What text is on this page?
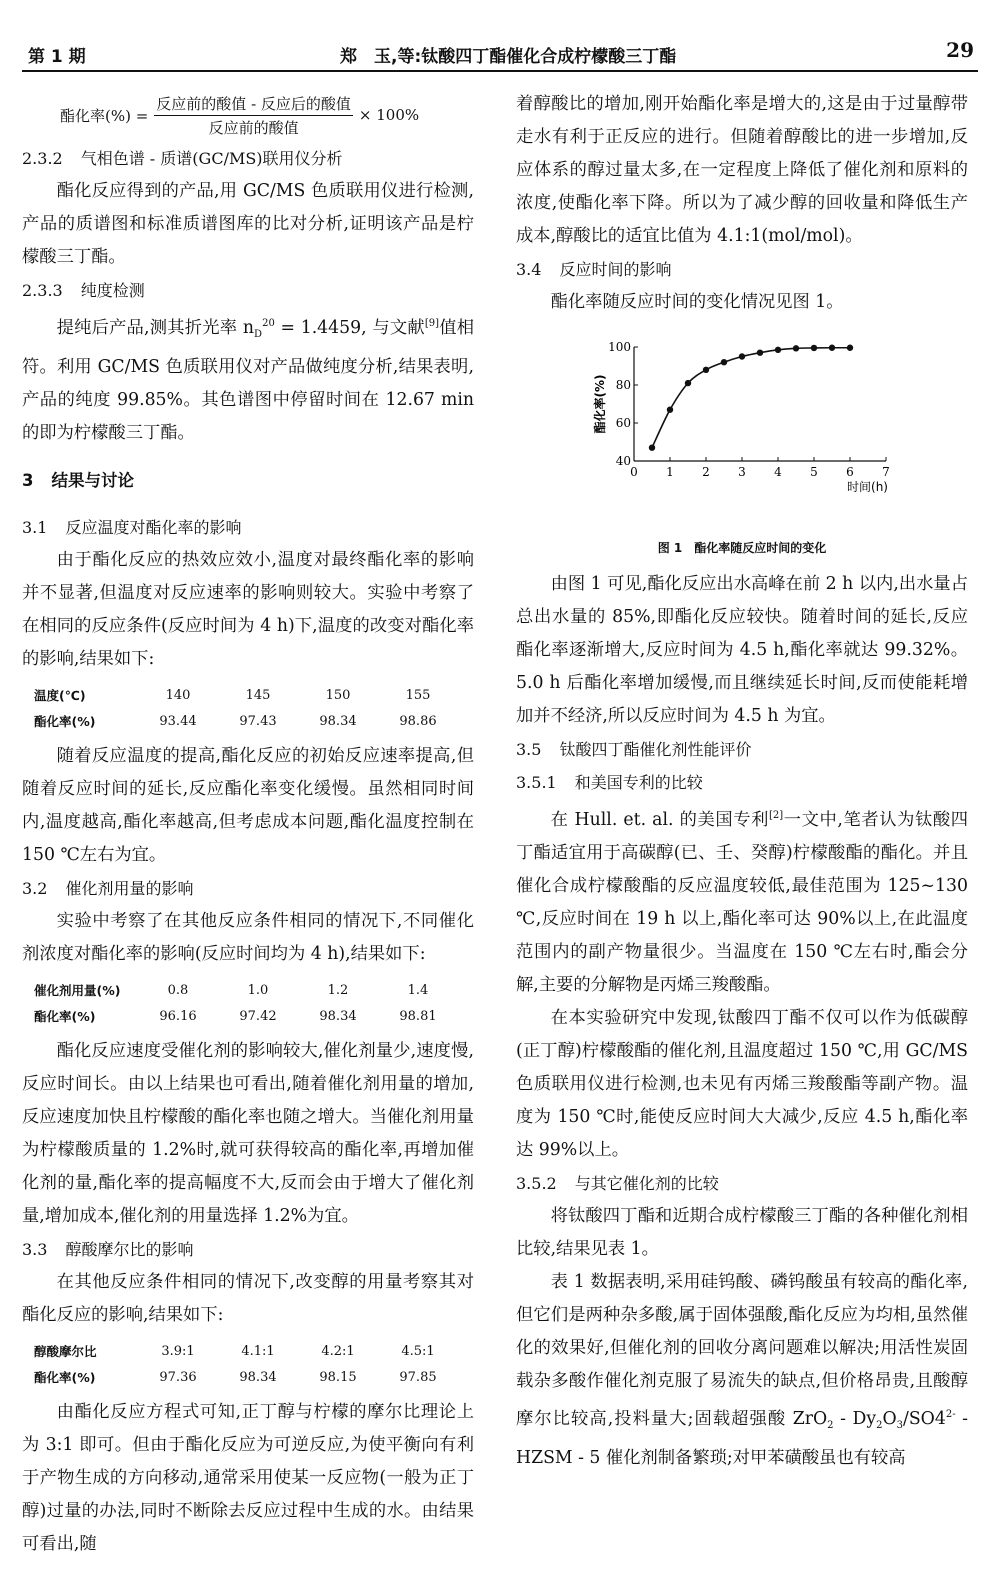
第 1 期	郑　玉,等:钛酸四丁酯催化合成柠檬酸三丁酯	29
酯化率(%) = $\frac{\text{反应前的酸值 - 反应后的酸值}}{\text{反应前的酸值}} \times 100\%$

2.3.2 气相色谱 - 质谱(GC/MS)联用仪分析

酯化反应得到的产品,用 GC/MS 色质联用仪进行检测,产品的质谱图和标准质谱图库的比对分析,证明该产品是柠檬酸三丁酯。

2.3.3 纯度检测

提纯后产品,测其折光率 $n_D^{20} = 1.4459$, 与文献[9]值相符。利用 GC/MS 色质联用仪对产品做纯度分析,结果表明,产品的纯度 99.85%。其色谱图中停留时间在 12.67 min 的即为柠檬酸三丁酯。

3 结果与讨论

3.1 反应温度对酯化率的影响

由于酯化反应的热效应效小,温度对最终酯化率的影响并不显著,但温度对反应速率的影响则较大。实验中考察了在相同的反应条件(反应时间为 4 h)下,温度的改变对酯化率的影响,结果如下:

温度(℃)	140	145	150	155
酯化率(%)	93.44	97.43	98.34	98.86

随着反应温度的提高,酯化反应的初始反应速率提高,但随着反应时间的延长,反应酯化率变化缓慢。虽然相同时间内,温度越高,酯化率越高,但考虑成本问题,酯化温度控制在 150 ℃左右为宜。

3.2 催化剂用量的影响

实验中考察了在其他反应条件相同的情况下,不同催化剂浓度对酯化率的影响(反应时间均为 4 h),结果如下:

催化剂用量(%)	0.8	1.0	1.2	1.4
酯化率(%)	96.16	97.42	98.34	98.81

酯化反应速度受催化剂的影响较大,催化剂量少,速度慢,反应时间长。由以上结果也可看出,随着催化剂用量的增加,反应速度加快且柠檬酸的酯化率也随之增大。当催化剂用量为柠檬酸质量的 1.2%时,就可获得较高的酯化率,再增加催化剂的量,酯化率的提高幅度不大,反而会由于增大了催化剂量,增加成本,催化剂的用量选择 1.2%为宜。

3.3 醇酸摩尔比的影响

在其他反应条件相同的情况下,改变醇的用量考察其对酯化反应的影响,结果如下:

醇酸摩尔比	3.9:1	4.1:1	4.2:1	4.5:1
酯化率(%)	97.36	98.34	98.15	97.85

由酯化反应方程式可知,正丁醇与柠檬的摩尔比理论上为 3:1 即可。但由于酯化反应为可逆反应,为使平衡向有利于产物生成的方向移动,通常采用使某一反应物(一般为正丁醇)过量的办法,同时不断除去反应过程中生成的水。由结果可看出,随

着醇酸比的增加,刚开始酯化率是增大的,这是由于过量醇带走水有利于正反应的进行。但随着醇酸比的进一步增加,反应体系的醇过量太多,在一定程度上降低了催化剂和原料的浓度,使酯化率下降。所以为了减少醇的回收量和降低生产成本,醇酸比的适宜比值为 4.1:1(mol/mol)。

3.4 反应时间的影响

酯化率随反应时间的变化情况见图 1。

0 1 2 3 4 5 6 7
40
60
80
100
时间(h)
酯化率(%)
图 1　酯化率随反应时间的变化

由图 1 可见,酯化反应出水高峰在前 2 h 以内,出水量占总出水量的 85%,即酯化反应较快。随着时间的延长,反应酯化率逐渐增大,反应时间为 4.5 h,酯化率就达 99.32%。5.0 h 后酯化率增加缓慢,而且继续延长时间,反而使能耗增加并不经济,所以反应时间为 4.5 h 为宜。

3.5 钛酸四丁酯催化剂性能评价

3.5.1 和美国专利的比较

在 Hull. et. al. 的美国专利[2]一文中,笔者认为钛酸四丁酯适宜用于高碳醇(已、壬、癸醇)柠檬酸酯的酯化。并且催化合成柠檬酸酯的反应温度较低,最佳范围为 125~130 ℃,反应时间在 19 h 以上,酯化率可达 90%以上,在此温度范围内的副产物量很少。当温度在 150 ℃左右时,酯会分解,主要的分解物是丙烯三羧酸酯。

在本实验研究中发现,钛酸四丁酯不仅可以作为低碳醇(正丁醇)柠檬酸酯的催化剂,且温度超过 150 ℃,用 GC/MS 色质联用仪进行检测,也未见有丙烯三羧酸酯等副产物。温度为 150 ℃时,能使反应时间大大减少,反应 4.5 h,酯化率达 99%以上。

3.5.2 与其它催化剂的比较

将钛酸四丁酯和近期合成柠檬酸三丁酯的各种催化剂相比较,结果见表 1。

表 1 数据表明,采用硅钨酸、磷钨酸虽有较高的酯化率,但它们是两种杂多酸,属于固体强酸,酯化反应为均相,虽然催化的效果好,但催化剂的回收分离问题难以解决;用活性炭固载杂多酸作催化剂克服了易流失的缺点,但价格昂贵,且酸醇摩尔比较高,投料量大;固载超强酸 $ZrO_2 - Dy_2O_3/SO4^{2-}$ - HZSM - 5 催化剂制备繁琐;对甲苯磺酸虽也有较高
